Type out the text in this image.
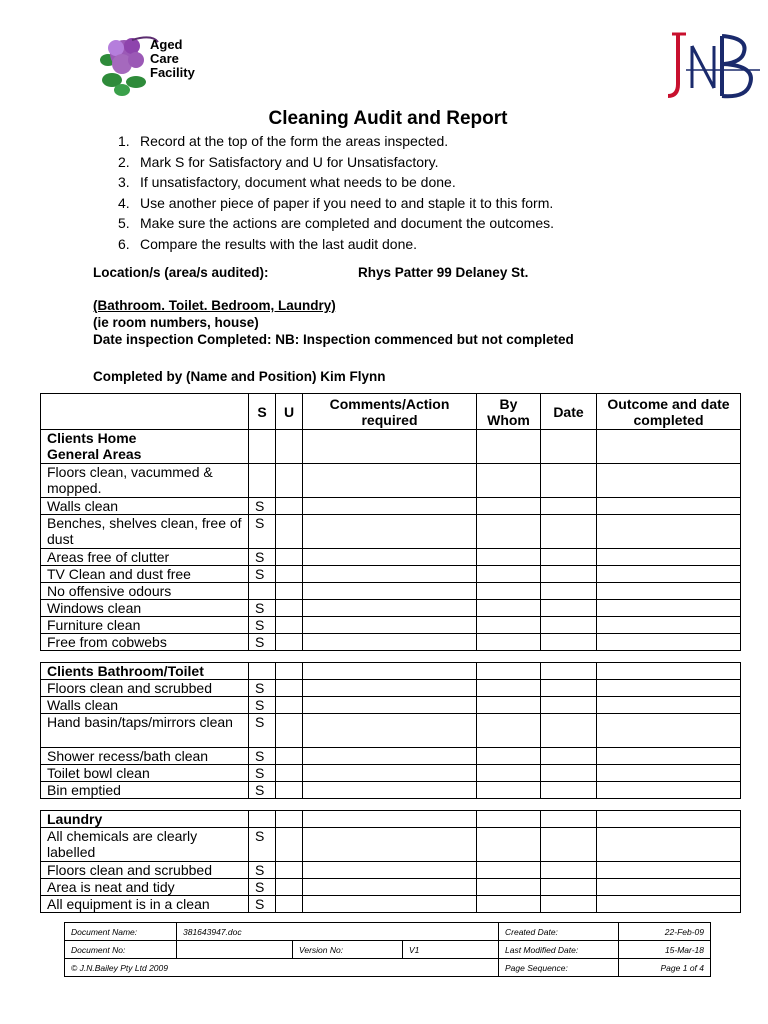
Aged
Care
Facility
Cleaning Audit and Report
1. Record at the top of the form the areas inspected.
2. Mark S for Satisfactory and U for Unsatisfactory.
3. If unsatisfactory, document what needs to be done.
4. Use another piece of paper if you need to and staple it to this form.
5. Make sure the actions are completed and document the outcomes.
6. Compare the results with the last audit done.
Location/s (area/s audited):	Rhys Patter 99 Delaney St.
(Bathroom. Toilet. Bedroom, Laundry)
(ie room numbers, house)
Date inspection Completed: NB: Inspection commenced but not completed
Completed by (Name and Position) Kim Flynn
	S	U	Comments/Action required	By Whom	Date	Outcome and date completed
Clients Home
General Areas						
Floors clean, vacummed & mopped.						
Walls clean	S					
Benches, shelves clean, free of dust	S					
Areas free of clutter	S					
TV Clean and dust free	S					
No offensive odours						
Windows clean	S					
Furniture clean	S					
Free from cobwebs	S					

Clients Bathroom/Toilet						
Floors clean and scrubbed	S					
Walls clean	S					
Hand basin/taps/mirrors clean	S					
Shower recess/bath clean	S					
Toilet bowl clean	S					
Bin emptied	S					

Laundry						
All chemicals are clearly labelled	S					
Floors clean and scrubbed	S					
Area is neat and tidy	S					
All equipment is in a clean	S					
Document Name:	381643947.doc			Created Date:	22-Feb-09
Document No:		Version No:	V1	Last Modified Date:	15-Mar-18
© J.N.Bailey Pty Ltd 2009				Page Sequence:	Page 1 of 4
